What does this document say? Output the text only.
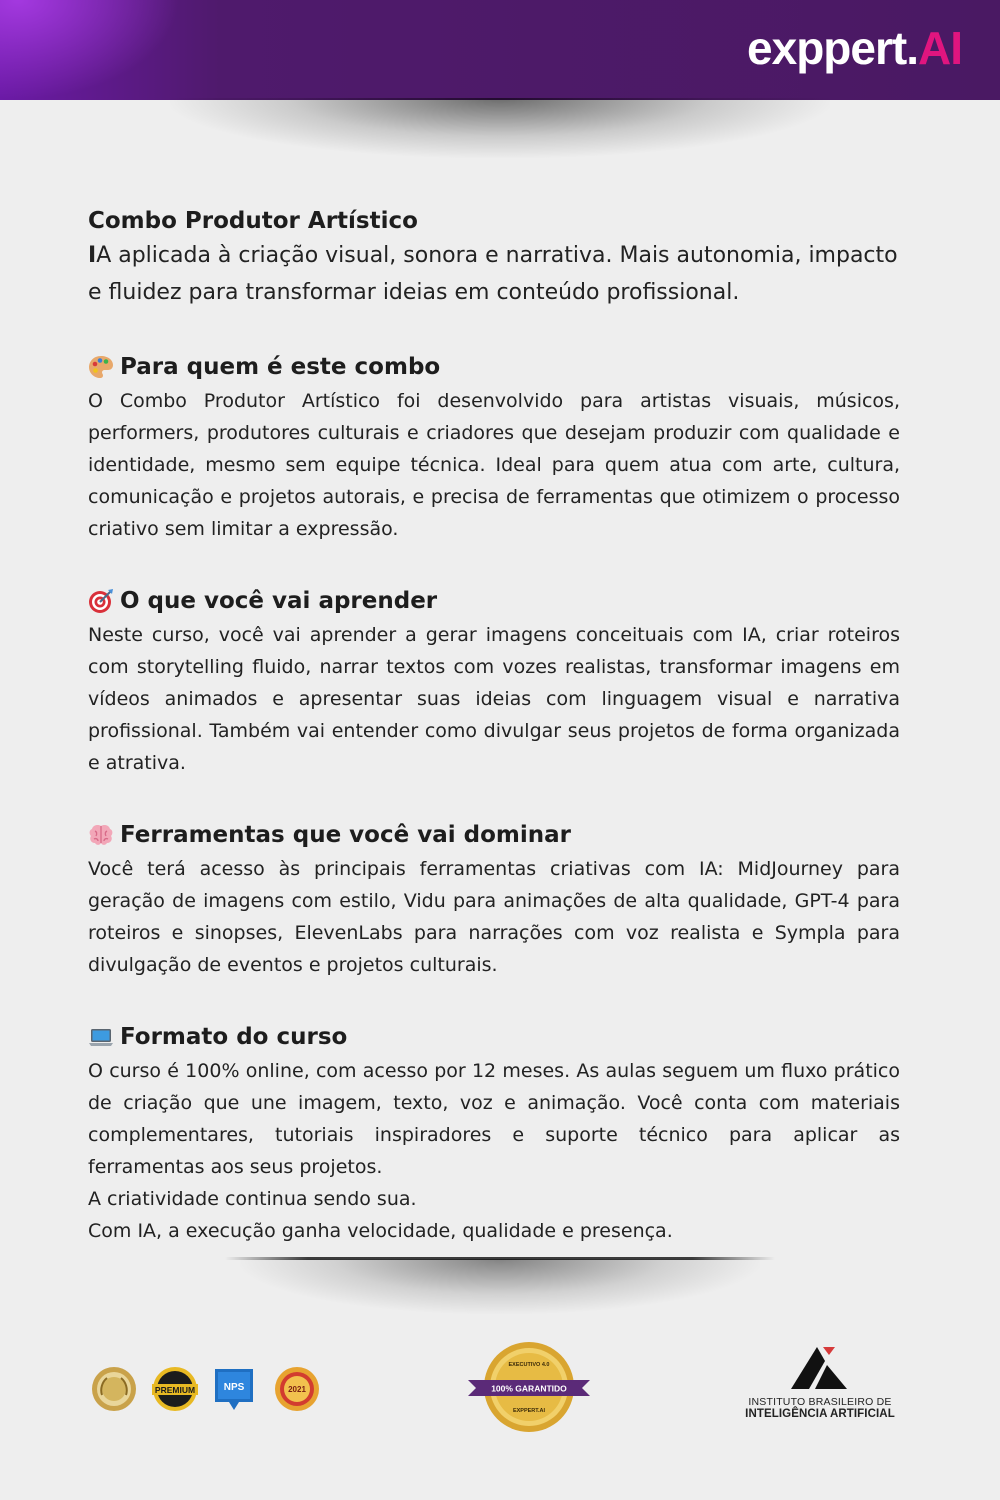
exppert.AI
Combo Produtor Artístico

IA aplicada à criação visual, sonora e narrativa. Mais autonomia, impacto e fluidez para transformar ideias em conteúdo profissional.

Para quem é este combo

O Combo Produtor Artístico foi desenvolvido para artistas visuais, músicos, performers, produtores culturais e criadores que desejam produzir com qualidade e identidade, mesmo sem equipe técnica. Ideal para quem atua com arte, cultura, comunicação e projetos autorais, e precisa de ferramentas que otimizem o processo criativo sem limitar a expressão.

O que você vai aprender

Neste curso, você vai aprender a gerar imagens conceituais com IA, criar roteiros com storytelling fluido, narrar textos com vozes realistas, transformar imagens em vídeos animados e apresentar suas ideias com linguagem visual e narrativa profissional. Também vai entender como divulgar seus projetos de forma organizada e atrativa.

Ferramentas que você vai dominar

Você terá acesso às principais ferramentas criativas com IA: MidJourney para geração de imagens com estilo, Vidu para animações de alta qualidade, GPT-4 para roteiros e sinopses, ElevenLabs para narrações com voz realista e Sympla para divulgação de eventos e projetos culturais.

Formato do curso

O curso é 100% online, com acesso por 12 meses. As aulas seguem um fluxo prático de criação que une imagem, texto, voz e animação. Você conta com materiais complementares, tutoriais inspiradores e suporte técnico para aplicar as ferramentas aos seus projetos.

A criatividade continua sendo sua.

Com IA, a execução ganha velocidade, qualidade e presença.

PREMIUM	NPS	2021
EXECUTIVO 4.0
100% GARANTIDO
EXPPERT.AI
INSTITUTO BRASILEIRO DE
INTELIGÊNCIA ARTIFICIAL
